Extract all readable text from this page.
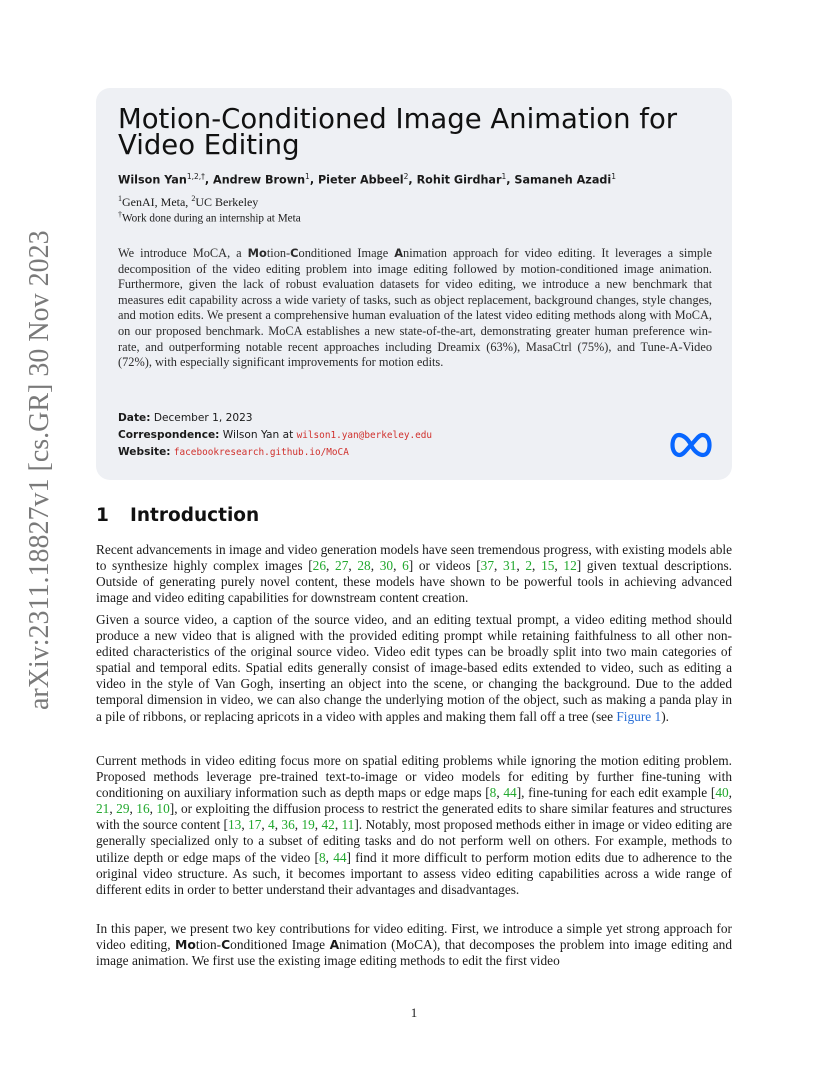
arXiv:2311.18827v1 [cs.GR] 30 Nov 2023
Motion-Conditioned Image Animation for Video Editing
Wilson Yan$^{1,2,\dagger}$, Andrew Brown$^1$, Pieter Abbeel$^2$, Rohit Girdhar$^1$, Samaneh Azadi$^1$
$^1$GenAI, Meta, $^2$UC Berkeley
†Work done during an internship at Meta
We introduce MoCA, a Motion-Conditioned Image Animation approach for video editing. It leverages a simple decomposition of the video editing problem into image editing followed by motion-conditioned image animation. Furthermore, given the lack of robust evaluation datasets for video editing, we introduce a new benchmark that measures edit capability across a wide variety of tasks, such as object replacement, background changes, style changes, and motion edits. We present a comprehensive human evaluation of the latest video editing methods along with MoCA, on our proposed benchmark. MoCA establishes a new state-of-the-art, demonstrating greater human preference win-rate, and outperforming notable recent approaches including Dreamix (63%), MasaCtrl (75%), and Tune-A-Video (72%), with especially significant improvements for motion edits.
Date: December 1, 2023
Correspondence: Wilson Yan at wilson1.yan@berkeley.edu
Website: facebookresearch.github.io/MoCA
1 Introduction

Recent advancements in image and video generation models have seen tremendous progress, with existing models able to synthesize highly complex images [26, 27, 28, 30, 6] or videos [37, 31, 2, 15, 12] given textual descriptions. Outside of generating purely novel content, these models have shown to be powerful tools in achieving advanced image and video editing capabilities for downstream content creation.

Given a source video, a caption of the source video, and an editing textual prompt, a video editing method should produce a new video that is aligned with the provided editing prompt while retaining faithfulness to all other non-edited characteristics of the original source video. Video edit types can be broadly split into two main categories of spatial and temporal edits. Spatial edits generally consist of image-based edits extended to video, such as editing a video in the style of Van Gogh, inserting an object into the scene, or changing the background. Due to the added temporal dimension in video, we can also change the underlying motion of the object, such as making a panda play in a pile of ribbons, or replacing apricots in a video with apples and making them fall off a tree (see Figure 1).

Current methods in video editing focus more on spatial editing problems while ignoring the motion editing problem. Proposed methods leverage pre-trained text-to-image or video models for editing by further fine-tuning with conditioning on auxiliary information such as depth maps or edge maps [8, 44], fine-tuning for each edit example [40, 21, 29, 16, 10], or exploiting the diffusion process to restrict the generated edits to share similar features and structures with the source content [13, 17, 4, 36, 19, 42, 11]. Notably, most proposed methods either in image or video editing are generally specialized only to a subset of editing tasks and do not perform well on others. For example, methods to utilize depth or edge maps of the video [8, 44] find it more difficult to perform motion edits due to adherence to the original video structure. As such, it becomes important to assess video editing capabilities across a wide range of different edits in order to better understand their advantages and disadvantages.

In this paper, we present two key contributions for video editing. First, we introduce a simple yet strong approach for video editing, Motion-Conditioned Image Animation (MoCA), that decomposes the problem into image editing and image animation. We first use the existing image editing methods to edit the first video

1
